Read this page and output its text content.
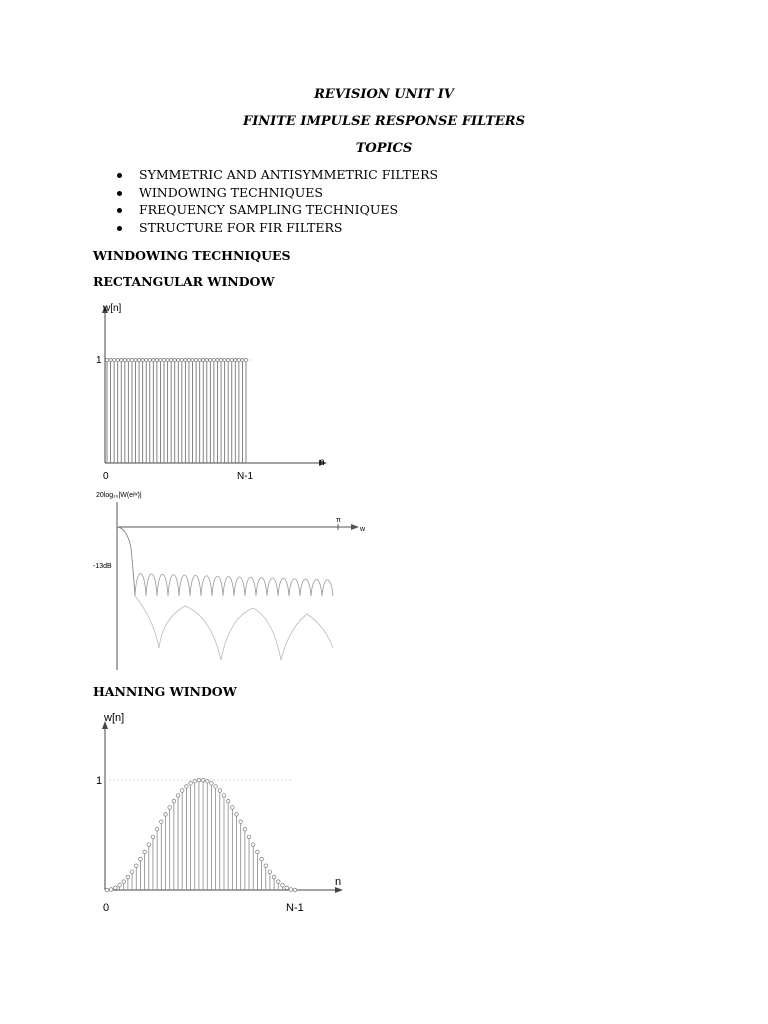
REVISION UNIT IV
FINITE IMPULSE RESPONSE FILTERS
TOPICS
SYMMETRIC AND ANTISYMMETRIC FILTERS
WINDOWING TECHNIQUES
FREQUENCY SAMPLING TECHNIQUES
STRUCTURE FOR FIR FILTERS
WINDOWING TECHNIQUES
RECTANGULAR WINDOW
w[n]
1
0	N-1
n
20log₁₀|W(eʲʷ)|
-13dB
π
w
HANNING WINDOW
w[n]
1
0	N-1
n
